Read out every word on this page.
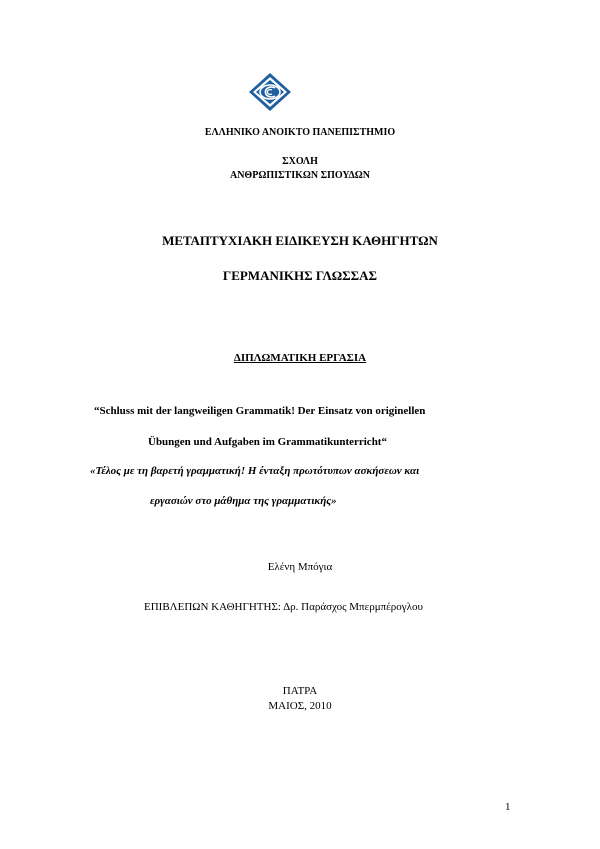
ΕΛΛΗΝΙΚΟ ΑΝΟΙΚΤΟ ΠΑΝΕΠΙΣΤΗΜΙΟ
ΣΧΟΛΗ
ΑΝΘΡΩΠΙΣΤΙΚΩΝ ΣΠΟΥΔΩΝ
ΜΕΤΑΠΤΥΧΙΑΚΗ ΕΙΔΙΚΕΥΣΗ ΚΑΘΗΓΗΤΩΝ
ΓΕΡΜΑΝΙΚΗΣ ΓΛΩΣΣΑΣ
ΔΙΠΛΩΜΑΤΙΚΗ ΕΡΓΑΣΙΑ
“Schluss mit der langweiligen Grammatik! Der Einsatz von originellen
Übungen und Aufgaben im Grammatikunterricht“
«Τέλος με τη βαρετή γραμματική! Η ένταξη πρωτότυπων ασκήσεων και
εργασιών στο μάθημα της γραμματικής»
Ελένη Μπόγια
ΕΠΙΒΛΕΠΩΝ ΚΑΘΗΓΗΤΗΣ: Δρ. Παράσχος Μπερμπέρογλου
ΠΑΤΡΑ
ΜΑΙΟΣ, 2010
1
